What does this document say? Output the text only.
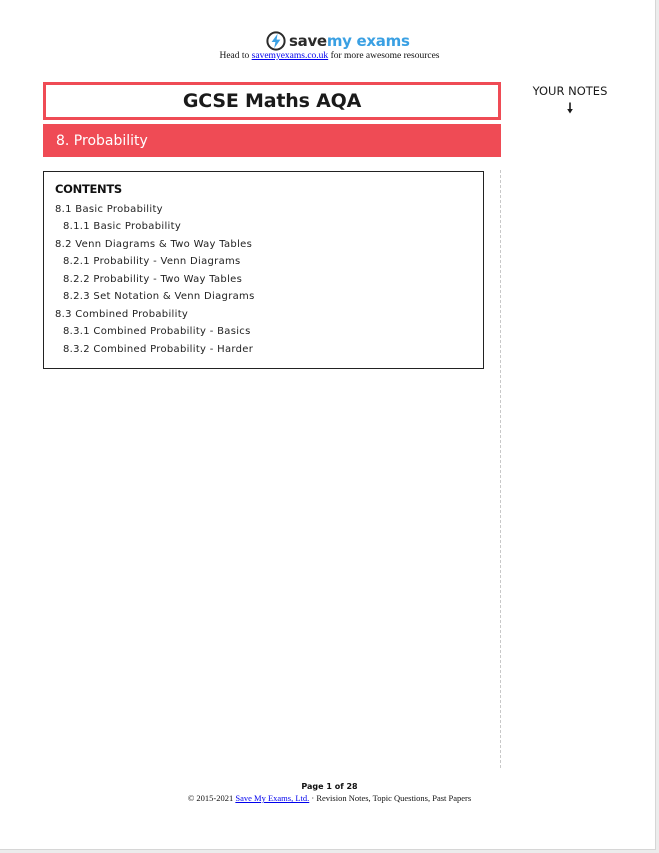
savemy exams
Head to savemyexams.co.uk for more awesome resources
GCSE Maths AQA
8. Probability
YOUR NOTES
CONTENTS
8.1 Basic Probability
8.1.1 Basic Probability
8.2 Venn Diagrams & Two Way Tables
8.2.1 Probability - Venn Diagrams
8.2.2 Probability - Two Way Tables
8.2.3 Set Notation & Venn Diagrams
8.3 Combined Probability
8.3.1 Combined Probability - Basics
8.3.2 Combined Probability - Harder
Page 1 of 28
© 2015-2021 Save My Exams, Ltd. · Revision Notes, Topic Questions, Past Papers
